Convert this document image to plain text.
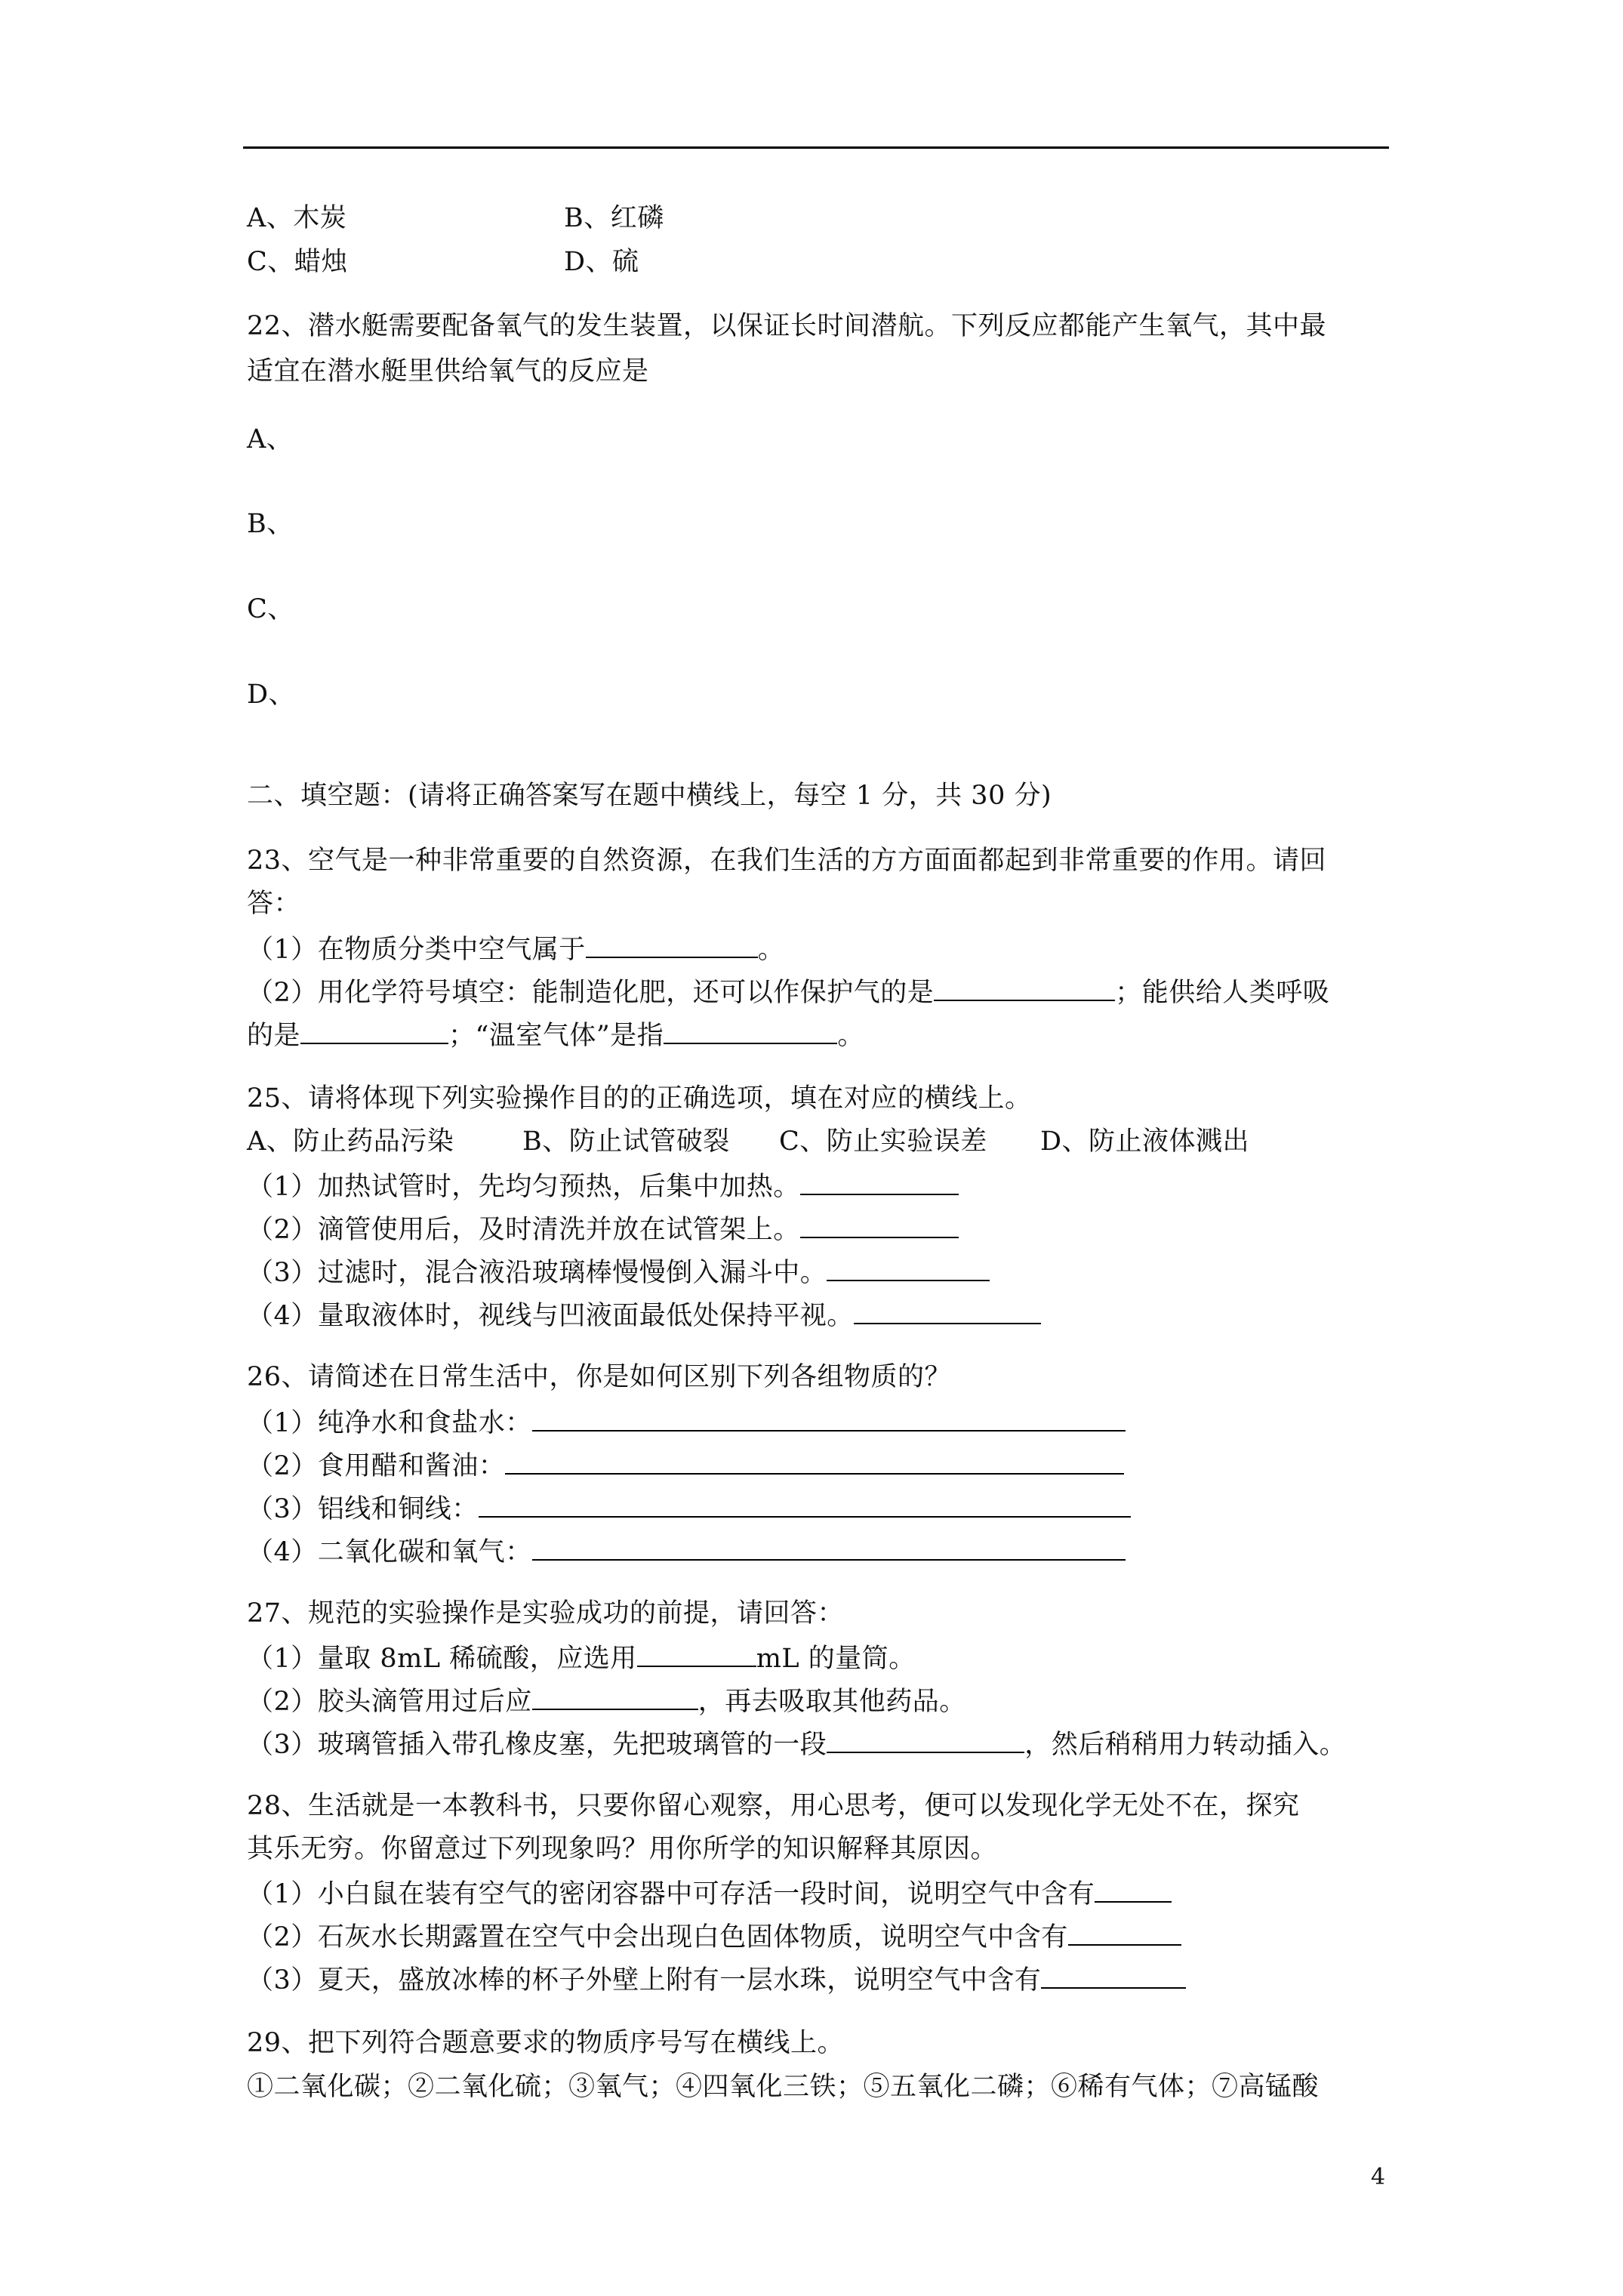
A、木炭	B、红磷
C、蜡烛	D、硫
22、潜水艇需要配备氧气的发生装置，以保证长时间潜航。下列反应都能产生氧气，其中最
适宜在潜水艇里供给氧气的反应是
A、
B、
C、
D、
二、填空题：(请将正确答案写在题中横线上，每空 1 分，共 30 分)
23、空气是一种非常重要的自然资源，在我们生活的方方面面都起到非常重要的作用。请回
答：
（1）在物质分类中空气属于	。
（2）用化学符号填空：能制造化肥，还可以作保护气的是	；能供给人类呼吸
的是	；“温室气体”是指	。
25、请将体现下列实验操作目的的正确选项，填在对应的横线上。
A、防止药品污染	B、防止试管破裂 C、防止实验误差 D、防止液体溅出
（1）加热试管时，先均匀预热，后集中加热。
（2）滴管使用后，及时清洗并放在试管架上。
（3）过滤时，混合液沿玻璃棒慢慢倒入漏斗中。
（4）量取液体时，视线与凹液面最低处保持平视。
26、请简述在日常生活中，你是如何区别下列各组物质的？
（1）纯净水和食盐水：
（2）食用醋和酱油：
（3）铝线和铜线：
（4）二氧化碳和氧气：
27、规范的实验操作是实验成功的前提，请回答：
（1）量取 8mL 稀硫酸，应选用	mL 的量筒。
（2）胶头滴管用过后应	，再去吸取其他药品。
（3）玻璃管插入带孔橡皮塞，先把玻璃管的一段	，然后稍稍用力转动插入。
28、生活就是一本教科书，只要你留心观察，用心思考，便可以发现化学无处不在，探究
其乐无穷。你留意过下列现象吗？用你所学的知识解释其原因。
（1）小白鼠在装有空气的密闭容器中可存活一段时间，说明空气中含有
（2）石灰水长期露置在空气中会出现白色固体物质，说明空气中含有
（3）夏天，盛放冰棒的杯子外壁上附有一层水珠，说明空气中含有
29、把下列符合题意要求的物质序号写在横线上。
①二氧化碳；②二氧化硫；③氧气；④四氧化三铁；⑤五氧化二磷；⑥稀有气体；⑦高锰酸
4
